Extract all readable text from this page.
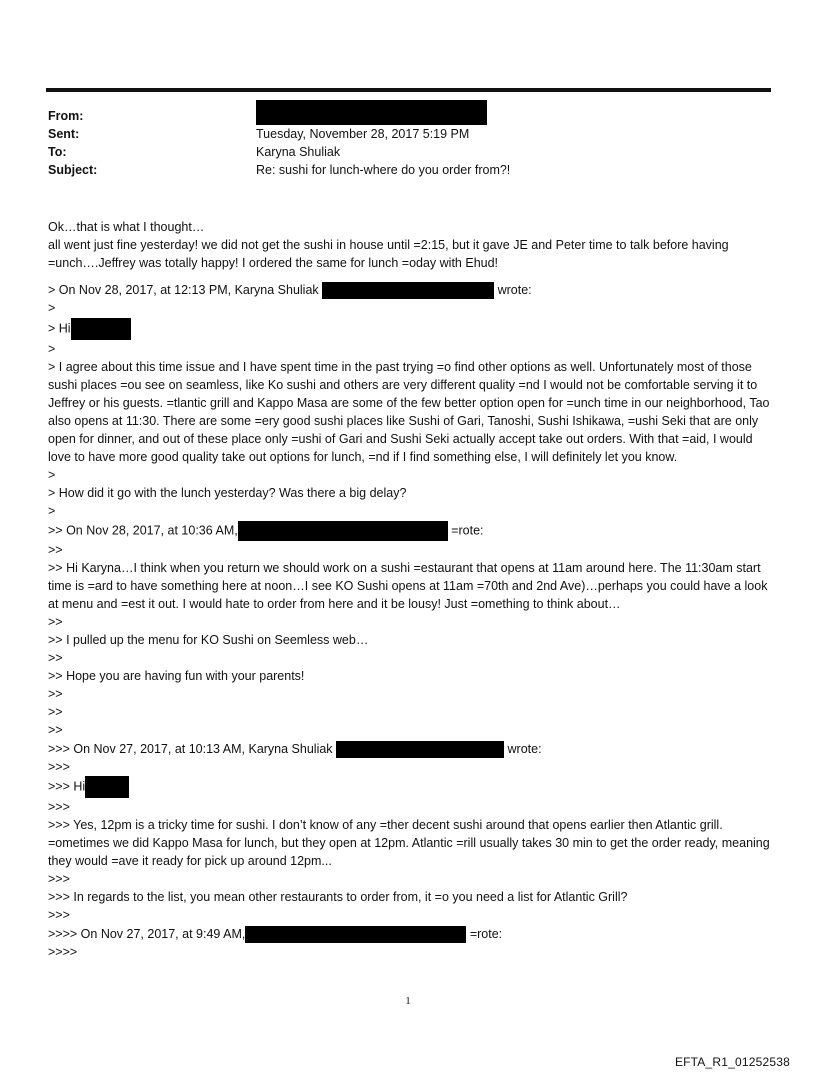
From:
Sent:	Tuesday, November 28, 2017 5:19 PM
To:	Karyna Shuliak
Subject:	Re: sushi for lunch-where do you order from?!

Ok…that is what I thought…

all went just fine yesterday! we did not get the sushi in house until =2:15, but it gave JE and Peter time to talk before having =unch….Jeffrey was totally happy! I ordered the same for lunch =oday with Ehud!

> On Nov 28, 2017, at 12:13 PM, Karyna Shuliak	wrote:

>

> Hi

>

> I agree about this time issue and I have spent time in the past trying =o find other options as well. Unfortunately most of those sushi places =ou see on seamless, like Ko sushi and others are very different quality =nd I would not be comfortable serving it to Jeffrey or his guests. =tlantic grill and Kappo Masa are some of the few better option open for =unch time in our neighborhood, Tao also opens at 11:30. There are some =ery good sushi places like Sushi of Gari, Tanoshi, Sushi Ishikawa, =ushi Seki that are only open for dinner, and out of these place only =ushi of Gari and Sushi Seki actually accept take out orders. With that =aid, I would love to have more good quality take out options for lunch, =nd if I find something else, I will definitely let you know.

>

> How did it go with the lunch yesterday? Was there a big delay?

>

>> On Nov 28, 2017, at 10:36 AM,	=rote:

>>

>> Hi Karyna…I think when you return we should work on a sushi =estaurant that opens at 11am around here. The 11:30am start time is =ard to have something here at noon…I see KO Sushi opens at 11am =70th and 2nd Ave)…perhaps you could have a look at menu and =est it out. I would hate to order from here and it be lousy! Just =omething to think about…

>>

>> I pulled up the menu for KO Sushi on Seemless web…

>>

>> Hope you are having fun with your parents!

>>

>>

>>

>>> On Nov 27, 2017, at 10:13 AM, Karyna Shuliak	wrote:

>>>

>>> Hi

>>>

>>> Yes, 12pm is a tricky time for sushi. I don’t know of any =ther decent sushi around that opens earlier then Atlantic grill. =ometimes we did Kappo Masa for lunch, but they open at 12pm. Atlantic =rill usually takes 30 min to get the order ready, meaning they would =ave it ready for pick up around 12pm...

>>>

>>> In regards to the list, you mean other restaurants to order from, it =o you need a list for Atlantic Grill?

>>>

>>>> On Nov 27, 2017, at 9:49 AM,	=rote:

>>>>

1
EFTA_R1_01252538
